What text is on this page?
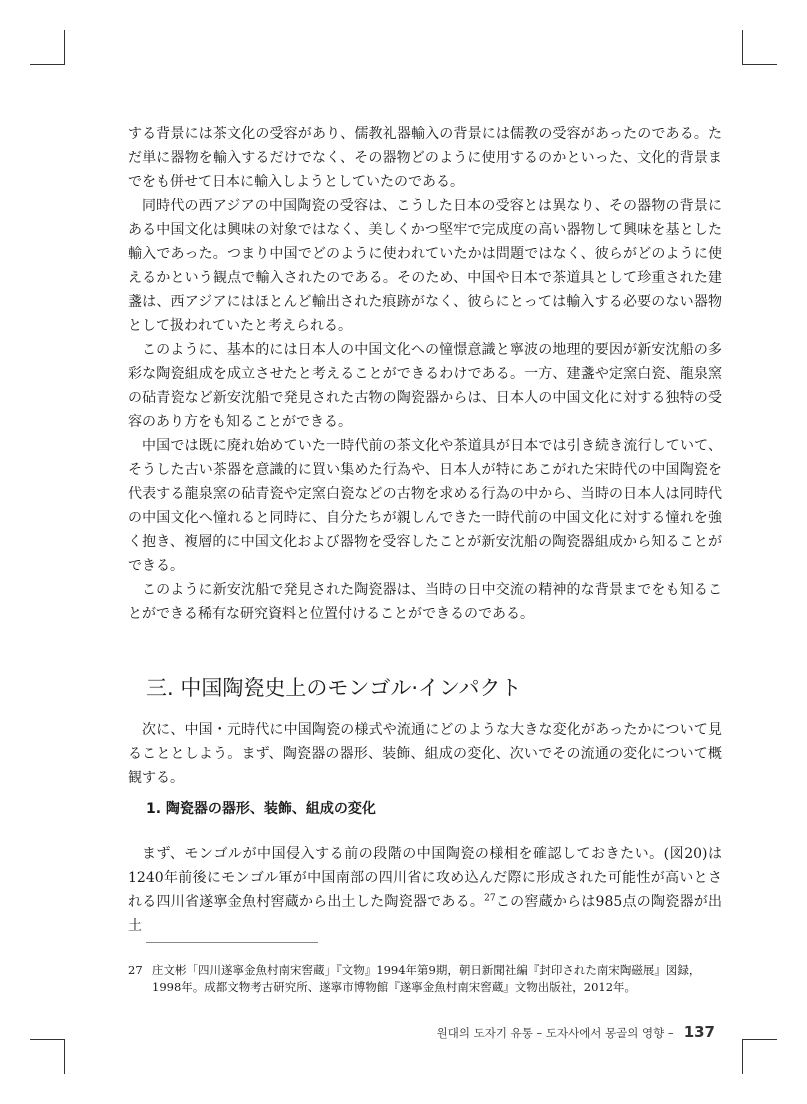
する背景には茶文化の受容があり、儒教礼器輸入の背景には儒教の受容があったのである。ただ単に器物を輸入するだけでなく、その器物どのように使用するのかといった、文化的背景までをも併せて日本に輸入しようとしていたのである。

同時代の西アジアの中国陶瓷の受容は、こうした日本の受容とは異なり、その器物の背景にある中国文化は興味の対象ではなく、美しくかつ堅牢で完成度の高い器物して興味を基とした輸入であった。つまり中国でどのように使われていたかは問題ではなく、彼らがどのように使えるかという観点で輸入されたのである。そのため、中国や日本で茶道具として珍重された建盞は、西アジアにはほとんど輸出された痕跡がなく、彼らにとっては輸入する必要のない器物として扱われていたと考えられる。

このように、基本的には日本人の中国文化への憧憬意識と寧波の地理的要因が新安沈船の多彩な陶瓷組成を成立させたと考えることができるわけである。一方、建盞や定窯白瓷、龍泉窯の砧青瓷など新安沈船で発見された古物の陶瓷器からは、日本人の中国文化に対する独特の受容のあり方をも知ることができる。

中国では既に廃れ始めていた一時代前の茶文化や茶道具が日本では引き続き流行していて、そうした古い茶器を意識的に買い集めた行為や、日本人が特にあこがれた宋時代の中国陶瓷を代表する龍泉窯の砧青瓷や定窯白瓷などの古物を求める行為の中から、当時の日本人は同時代の中国文化へ憧れると同時に、自分たちが親しんできた一時代前の中国文化に対する憧れを強く抱き、複層的に中国文化および器物を受容したことが新安沈船の陶瓷器組成から知ることができる。

このように新安沈船で発見された陶瓷器は、当時の日中交流の精神的な背景までをも知ることができる稀有な研究資料と位置付けることができるのである。

三. 中国陶瓷史上のモンゴル·インパクト

次に、中国・元時代に中国陶瓷の様式や流通にどのような大きな変化があったかについて見ることとしよう。まず、陶瓷器の器形、装飾、組成の変化、次いでその流通の変化について概観する。

1. 陶瓷器の器形、装飾、組成の変化

まず、モンゴルが中国侵入する前の段階の中国陶瓷の様相を確認しておきたい。(図20)は1240年前後にモンゴル軍が中国南部の四川省に攻め込んだ際に形成された可能性が高いとされる四川省遂寧金魚村窖蔵から出土した陶瓷器である。$^{27}$この窖蔵からは985点の陶瓷器が出土

27 庄文彬「四川遂寧金魚村南宋窖蔵」『文物』1994年第9期，朝日新聞社編『封印された南宋陶磁展』図録，1998年。成都文物考古研究所、遂寧市博物館『遂寧金魚村南宋窖蔵』文物出版社，2012年。
원대의 도자기 유통 – 도자사에서 몽골의 영향 – 137
